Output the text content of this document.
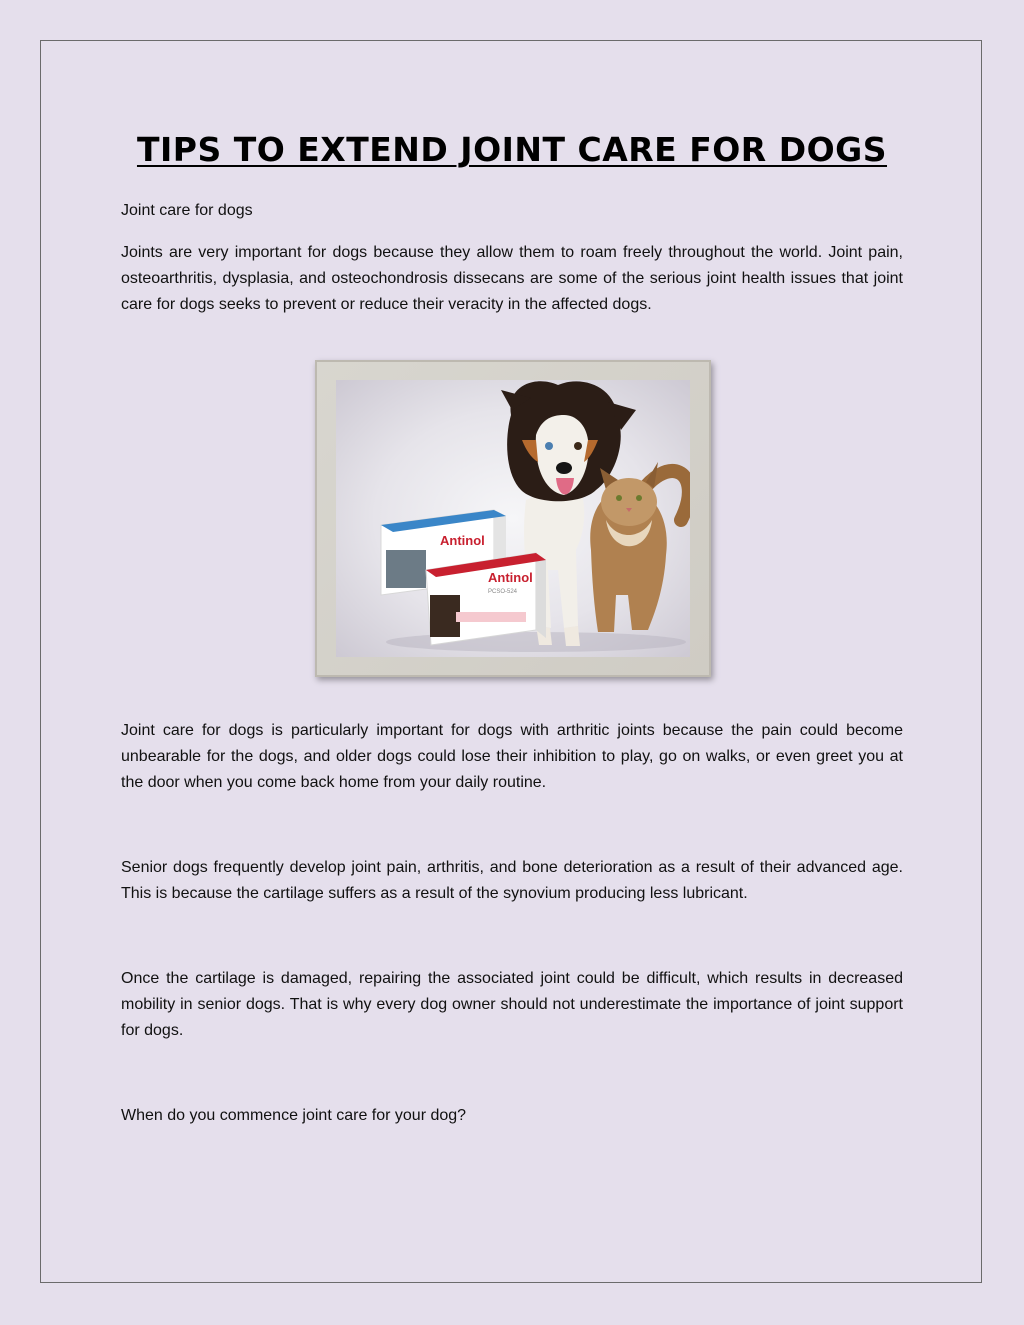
TIPS TO EXTEND JOINT CARE FOR DOGS

Joint care for dogs

Joints are very important for dogs because they allow them to roam freely throughout the world. Joint pain, osteoarthritis, dysplasia, and osteochondrosis dissecans are some of the serious joint health issues that joint care for dogs seeks to prevent or reduce their veracity in the affected dogs.

Antinol
Antinol
PCSO-524

Joint care for dogs is particularly important for dogs with arthritic joints because the pain could become unbearable for the dogs, and older dogs could lose their inhibition to play, go on walks, or even greet you at the door when you come back home from your daily routine.

Senior dogs frequently develop joint pain, arthritis, and bone deterioration as a result of their advanced age. This is because the cartilage suffers as a result of the synovium producing less lubricant.

Once the cartilage is damaged, repairing the associated joint could be difficult, which results in decreased mobility in senior dogs. That is why every dog owner should not underestimate the importance of joint support for dogs.

When do you commence joint care for your dog?
